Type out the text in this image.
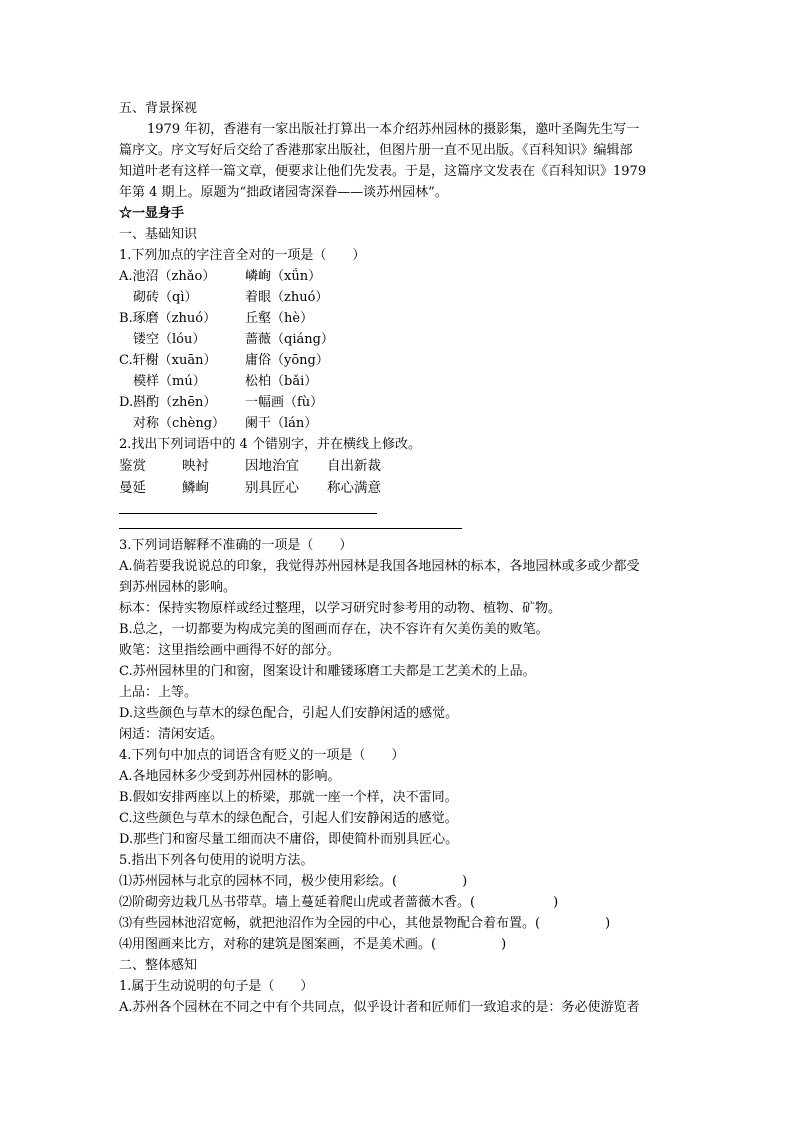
五、背景探视
1979 年初，香港有一家出版社打算出一本介绍苏州园林的摄影集，邀叶圣陶先生写一
篇序文。序文写好后交给了香港那家出版社，但图片册一直不见出版。《百科知识》编辑部
知道叶老有这样一篇文章，便要求让他们先发表。于是，这篇序文发表在《百科知识》1979
年第 4 期上。原题为“拙政诸园寄深眷——谈苏州园林”。
☆一显身手
一、基础知识
1.下列加点的字注音全对的一项是（　　）
A.池沼（zhǎo）	嶙峋（xǘn）
砌砖（qì）	着眼（zhuó）
B.琢磨（zhuó）	丘壑（hè）
镂空（lóu）	蔷薇（qiáng）
C.轩榭（xuān）	庸俗（yōng）
模样（mú）	松柏（bǎi）
D.斟酌（zhēn）	一幅画（fù）
对称（chèng）	阑干（lán）
2.找出下列词语中的 4 个错别字，并在横线上修改。
鉴赏	映衬	因地治宜	自出新裁
曼延	鳞峋	别具匠心	称心满意
3.下列词语解释不准确的一项是（　　）
A.倘若要我说说总的印象，我觉得苏州园林是我国各地园林的标本，各地园林或多或少都受
到苏州园林的影响。
标本：保持实物原样或经过整理，以学习研究时参考用的动物、植物、矿物。
B.总之，一切都要为构成完美的图画而存在，决不容许有欠美伤美的败笔。
败笔：这里指绘画中画得不好的部分。
C.苏州园林里的门和窗，图案设计和雕镂琢磨工夫都是工艺美术的上品。
上品：上等。
D.这些颜色与草木的绿色配合，引起人们安静闲适的感觉。
闲适：清闲安适。
4.下列句中加点的词语含有贬义的一项是（　　）
A.各地园林多少受到苏州园林的影响。
B.假如安排两座以上的桥梁，那就一座一个样，决不雷同。
C.这些颜色与草木的绿色配合，引起人们安静闲适的感觉。
D.那些门和窗尽量工细而决不庸俗，即使简朴而别具匠心。
5.指出下列各句使用的说明方法。
⑴苏州园林与北京的园林不同，极少使用彩绘。(　　　　　)
⑵阶砌旁边栽几丛书带草。墙上蔓延着爬山虎或者蔷薇木香。(　　　　　　)
⑶有些园林池沼宽畅，就把池沼作为全园的中心，其他景物配合着布置。(　　　　　)
⑷用图画来比方，对称的建筑是图案画，不是美术画。(　　　　　)
二、整体感知
1.属于生动说明的句子是（　　）
A.苏州各个园林在不同之中有个共同点，似乎设计者和匠师们一致追求的是：务必使游览者
